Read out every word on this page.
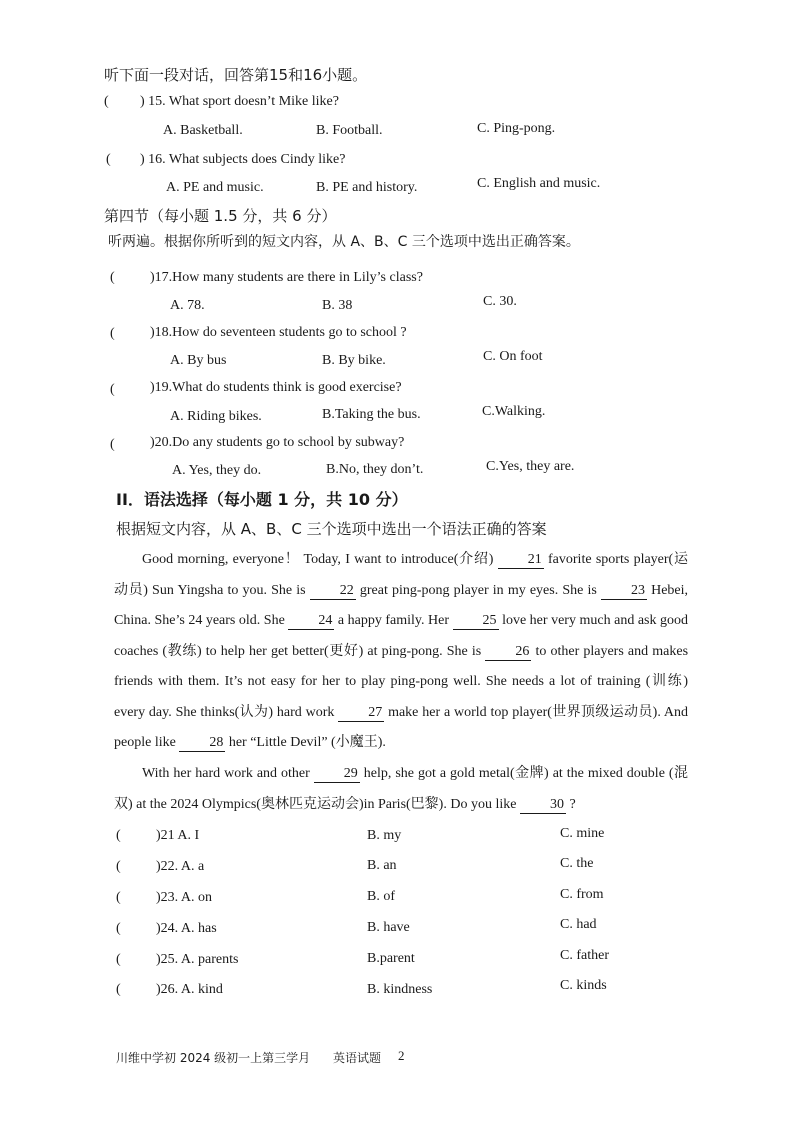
听下面一段对话，回答第15和16小题。
( ) 15. What sport doesn’t Mike like?
A. Basketball.	B. Football.	C. Ping-pong.
( ) 16. What subjects does Cindy like?
A. PE and music.	B. PE and history.	C. English and music.
第四节（每小题 1.5 分，共 6 分）
听两遍。根据你所听到的短文内容，从 A、B、C 三个选项中选出正确答案。
(	)17.How many students are there in Lily’s class?
A. 78.	B. 38	C. 30.
(	)18.How do seventeen students go to school ?
A. By bus	B. By bike.	C. On foot
(	)19.What do students think is good exercise?
A. Riding bikes.	B.Taking the bus.	C.Walking.
(	)20.Do any students go to school by subway?
A. Yes, they do.	B.No, they don’t.	C.Yes, they are.
II．语法选择（每小题 1 分，共 10 分）
根据短文内容，从 A、B、C 三个选项中选出一个语法正确的答案
Good morning, everyone！ Today, I want to introduce(介绍) 21 favorite sports player(运动员) Sun Yingsha to you. She is 22 great ping-pong player in my eyes. She is 23 Hebei, China. She’s 24 years old. She 24 a happy family. Her 25 love her very much and ask good coaches (教练) to help her get better(更好) at ping-pong. She is 26 to other players and makes friends with them. It’s not easy for her to play ping-pong well. She needs a lot of training (训练) every day. She thinks(认为) hard work 27 make her a world top player(世界顶级运动员). And people like 28 her “Little Devil” (小魔王).
With her hard work and other 29 help, she got a gold metal(金牌) at the mixed double (混双) at the 2024 Olympics(奥林匹克运动会)in Paris(巴黎). Do you like 30 ?
(	)21 A. I	B. my	C. mine
(	)22. A. a	B. an	C. the
(	)23. A. on	B. of	C. from
(	)24. A. has	B. have	C. had
(	)25. A. parents	B.parent	C. father
(	)26. A. kind	B. kindness	C. kinds
川维中学初 2024 级初一上第三学月 英语试题 2
